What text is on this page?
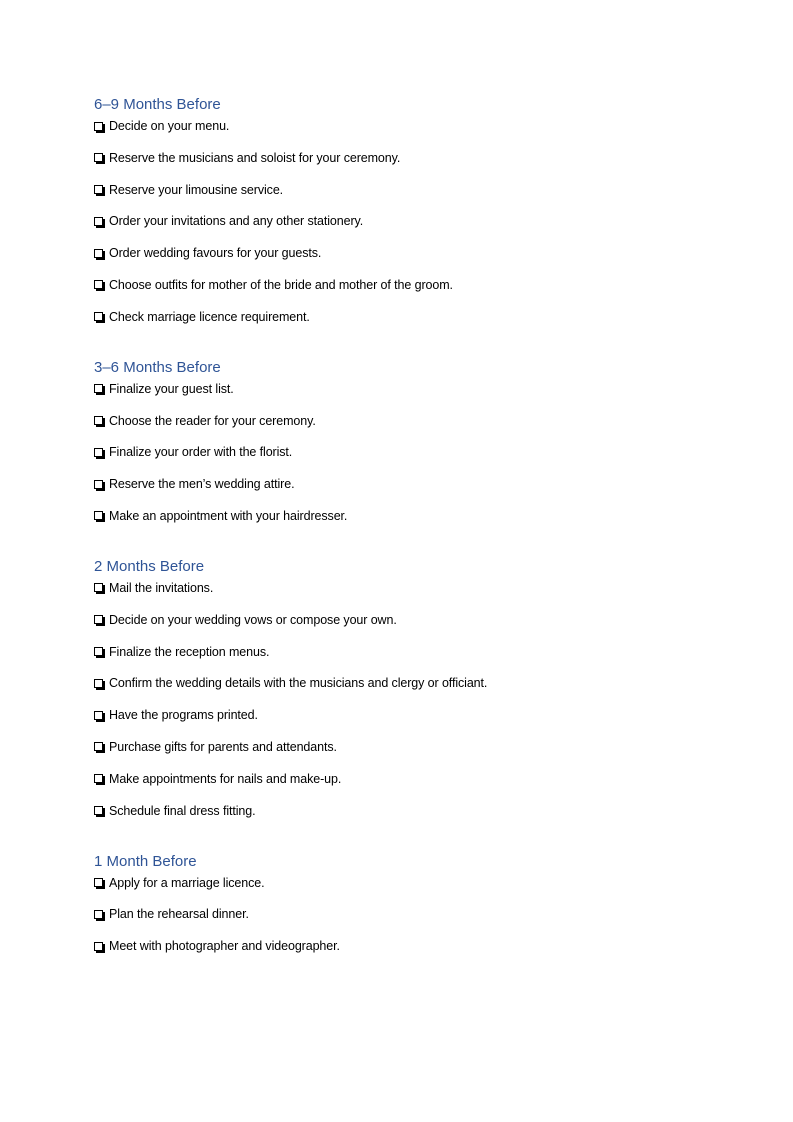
6–9 Months Before
Decide on your menu.
Reserve the musicians and soloist for your ceremony.
Reserve your limousine service.
Order your invitations and any other stationery.
Order wedding favours for your guests.
Choose outfits for mother of the bride and mother of the groom.
Check marriage licence requirement.
3–6 Months Before
Finalize your guest list.
Choose the reader for your ceremony.
Finalize your order with the florist.
Reserve the men’s wedding attire.
Make an appointment with your hairdresser.
2 Months Before
Mail the invitations.
Decide on your wedding vows or compose your own.
Finalize the reception menus.
Confirm the wedding details with the musicians and clergy or officiant.
Have the programs printed.
Purchase gifts for parents and attendants.
Make appointments for nails and make-up.
Schedule final dress fitting.
1 Month Before
Apply for a marriage licence.
Plan the rehearsal dinner.
Meet with photographer and videographer.
